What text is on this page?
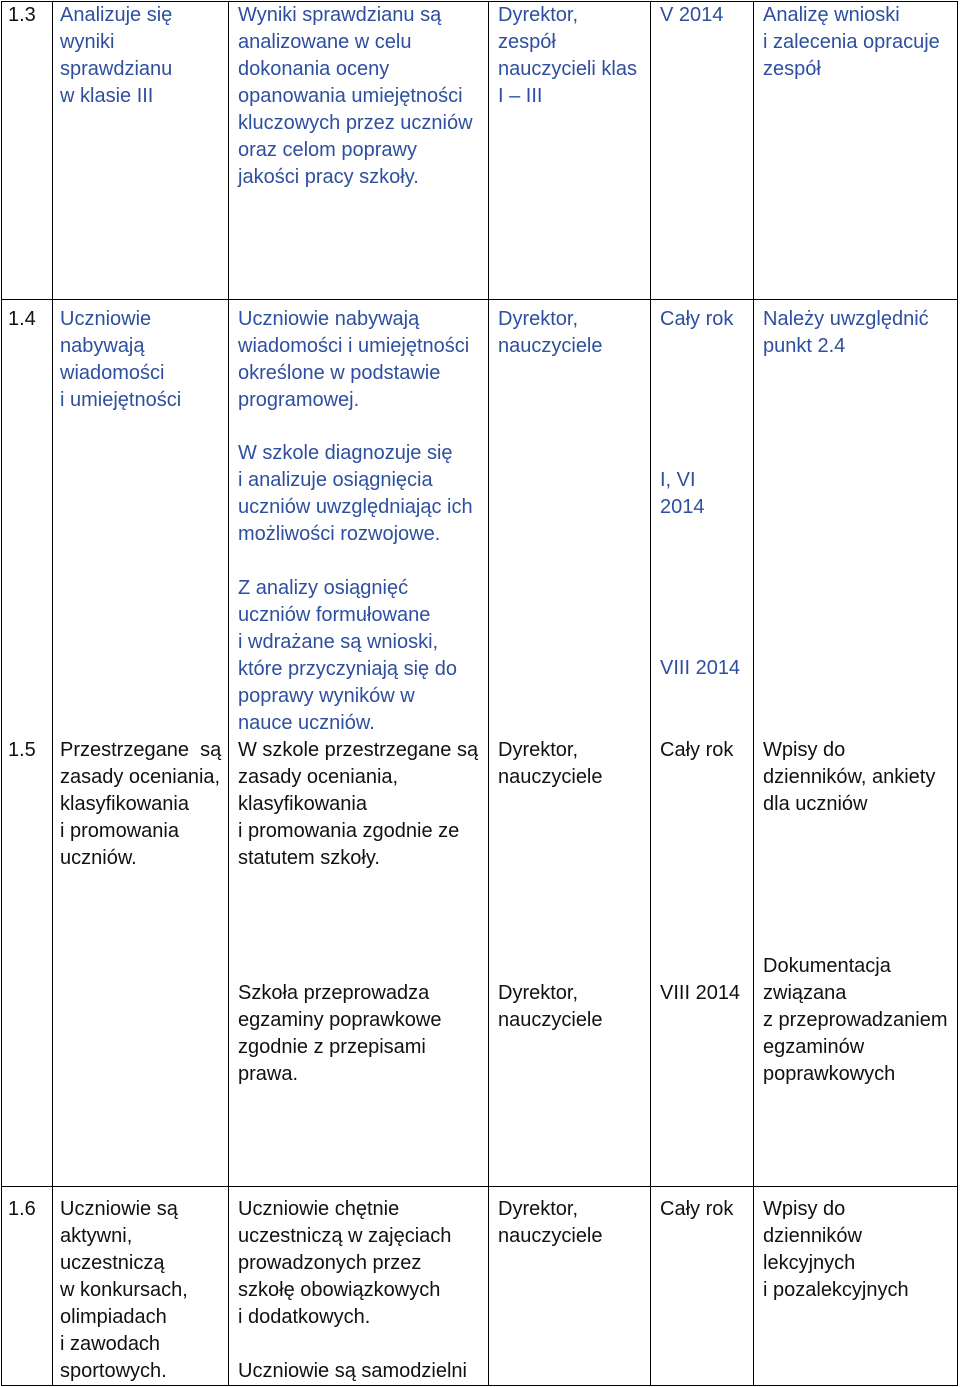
1.3 Analizuje się
wyniki
sprawdzianu
w klasie III
Wyniki sprawdzianu są
analizowane w celu
dokonania oceny
opanowania umiejętności
kluczowych przez uczniów
oraz celom poprawy
jakości pracy szkoły.
Dyrektor,
zespół
nauczycieli klas
I – III
V 2014 Analizę wnioski
i zalecenia opracuje
zespół
1.4 Uczniowie
nabywają
wiadomości
i umiejętności
Uczniowie nabywają
wiadomości i umiejętności
określone w podstawie
programowej.
Dyrektor,
nauczyciele
Cały rok Należy uwzględnić
punkt 2.4
W szkole diagnozuje się
i analizuje osiągnięcia
uczniów uwzględniając ich
możliwości rozwojowe.
I, VI
2014
Z analizy osiągnięć
uczniów formułowane
i wdrażane są wnioski,
które przyczyniają się do
poprawy wyników w
nauce uczniów.
VIII 2014
1.5 Przestrzegane  są
zasady oceniania,
klasyfikowania
i promowania
uczniów.
W szkole przestrzegane są
zasady oceniania,
klasyfikowania
i promowania zgodnie ze
statutem szkoły.
Dyrektor,
nauczyciele
Cały rok Wpisy do
dzienników, ankiety
dla uczniów
Szkoła przeprowadza
egzaminy poprawkowe
zgodnie z przepisami
prawa.
Dyrektor,
nauczyciele
VIII 2014
Dokumentacja
związana
z przeprowadzaniem
egzaminów
poprawkowych
1.6 Uczniowie są
aktywni,
uczestniczą
w konkursach,
olimpiadach
i zawodach
sportowych.
Uczniowie chętnie
uczestniczą w zajęciach
prowadzonych przez
szkołę obowiązkowych
i dodatkowych.
Dyrektor,
nauczyciele
Cały rok Wpisy do
dzienników
lekcyjnych
i pozalekcyjnych
Uczniowie są samodzielni
